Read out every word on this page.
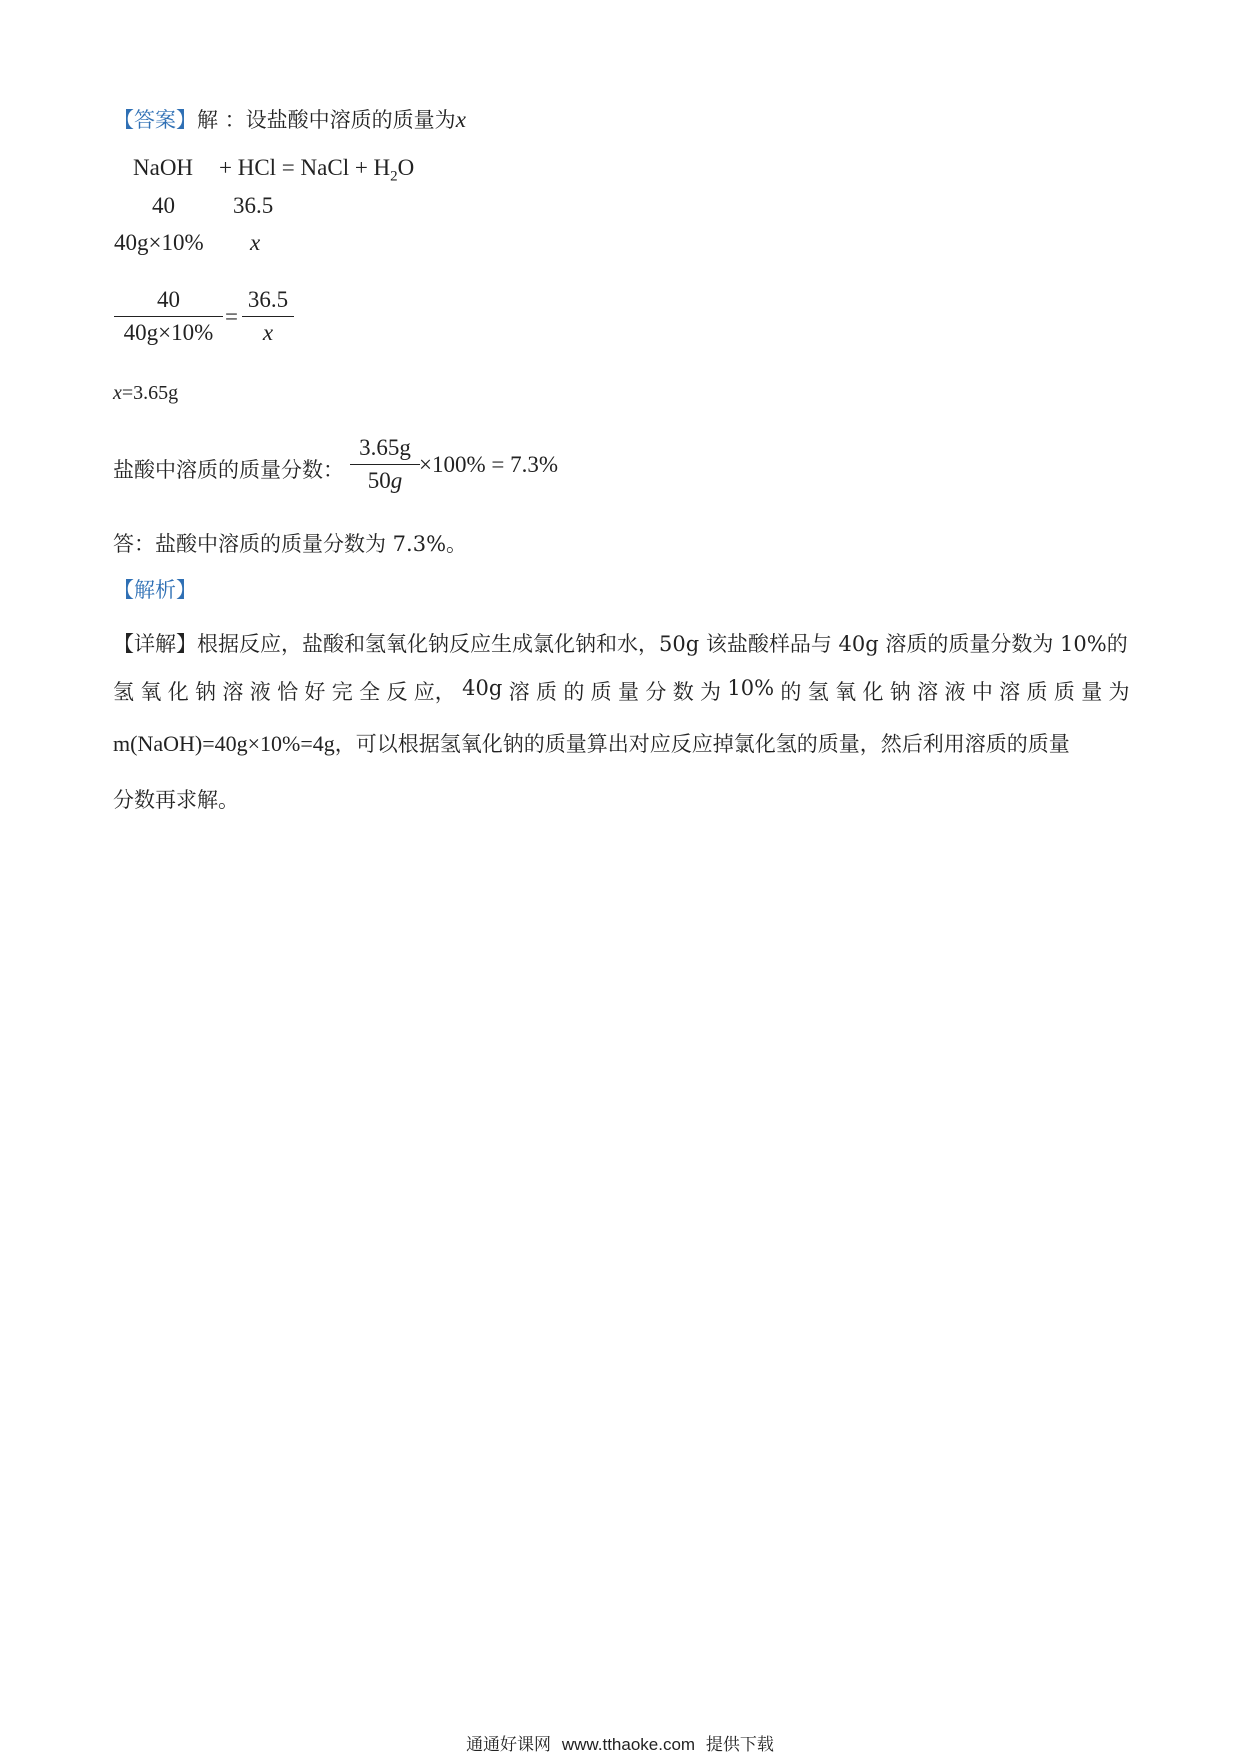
【答案】解 ：设盐酸中溶质的质量为x
NaOH + HCl = NaCl + $H_2O$
40	36.5
40g×10% x
40
40g×10%
=
36.5
x
x=3.65g
盐酸中溶质的质量分数：
3.65g
50g
×100% = 7.3%
答：盐酸中溶质的质量分数为 7.3%。
【解析】
【详解】根据反应，盐酸和氢氧化钠反应生成氯化钠和水，50g 该盐酸样品与 40g 溶质的质量分数为 10%的
氢 氧 化 钠 溶 液 恰 好 完 全 反 应， 40g 溶 质 的 质 量 分 数 为 10% 的 氢 氧 化 钠 溶 液 中 溶 质 质 量 为
m(NaOH)=40g×10%=4g，可以根据氢氧化钠的质量算出对应反应掉氯化氢的质量，然后利用溶质的质量
分数再求解。
通通好课网 www.tthaoke.com 提供下载
